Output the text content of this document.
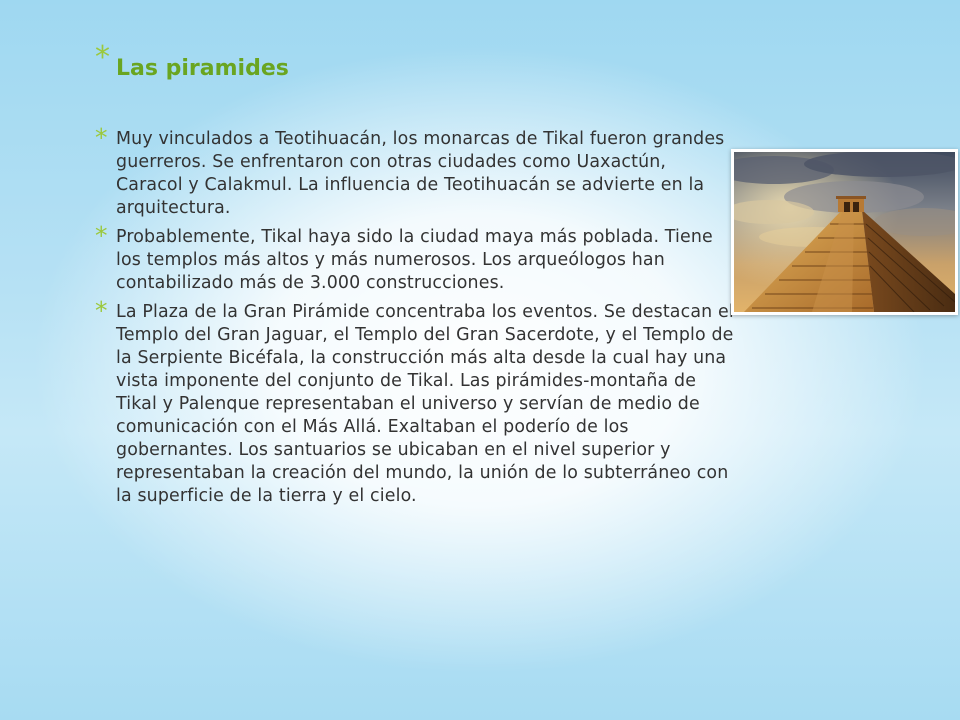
* Las piramides
* Muy vinculados a Teotihuacán, los monarcas de Tikal fueron grandes guerreros. Se enfrentaron con otras ciudades como Uaxactún, Caracol y Calakmul. La influencia de Teotihuacán se advierte en la arquitectura.
* Probablemente, Tikal haya sido la ciudad maya más poblada. Tiene los templos más altos y más numerosos. Los arqueólogos han contabilizado más de 3.000 construcciones.
* La Plaza de la Gran Pirámide concentraba los eventos. Se destacan el Templo del Gran Jaguar, el Templo del Gran Sacerdote, y el Templo de la Serpiente Bicéfala, la construcción más alta desde la cual hay una vista imponente del conjunto de Tikal. Las pirámides-montaña de Tikal y Palenque representaban el universo y servían de medio de comunicación con el Más Allá. Exaltaban el poderío de los gobernantes. Los santuarios se ubicaban en el nivel superior y representaban la creación del mundo, la unión de lo subterráneo con la superficie de la tierra y el cielo.
